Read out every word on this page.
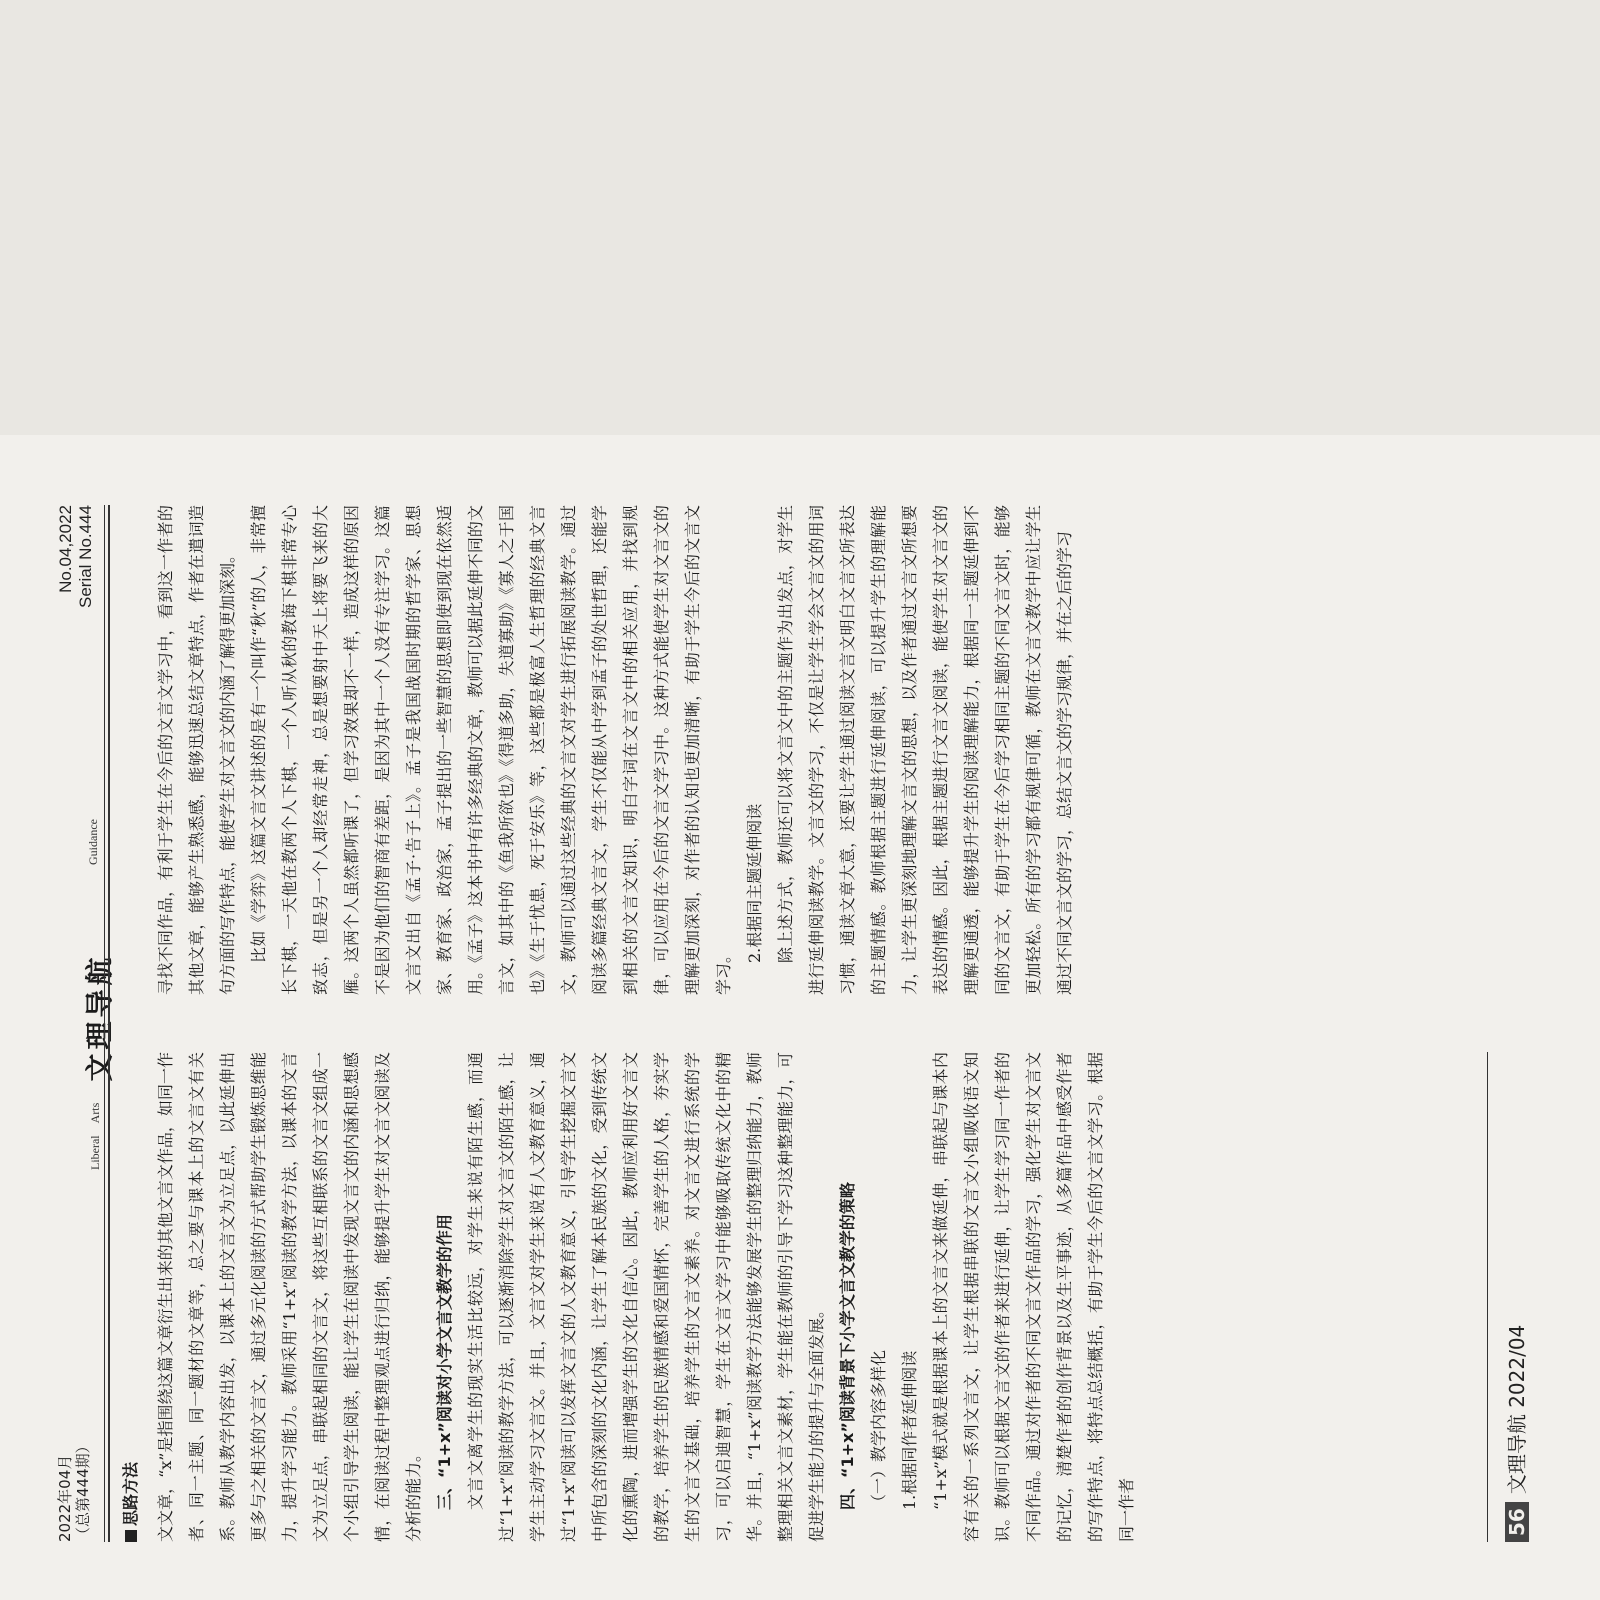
2022年04月 （总第444期）
No.04,2022 Serial No.444
文理导航
Liberal　Arts
Guidance
思路方法	文文章，“x”是指围绕这篇文章衍生出来的其他文言文作品，如同一作者、同一主题、同一题材的文章等，总之要与课本上的文言文有关系。教师从教学内容出发，以课本上的文言文为立足点，以此延伸出更多与之相关的文言文，通过多元化阅读的方式帮助学生锻炼思维能力，提升学习能力。教师采用“1+x”阅读的教学方法，以课本的文言文为立足点，串联起相同的文言文，将这些互相联系的文言文组成一个小组引导学生阅读，能让学生在阅读中发现文言文的内涵和思想感情，在阅读过程中整理观点进行归纳，能够提升学生对文言文阅读及分析的能力。 三、“1+x”阅读对小学文言文教学的作用 文言文离学生的现实生活比较远，对学生来说有陌生感，而通过“1+x”阅读的教学方法，可以逐渐消除学生对文言文的陌生感，让学生主动学习文言文。并且，文言文对学生来说有人文教育意义，通过“1+x”阅读可以发挥文言文的人文教育意义，引导学生挖掘文言文中所包含的深刻的文化内涵，让学生了解本民族的文化，受到传统文化的熏陶，进而增强学生的文化自信心。因此，教师应利用好文言文的教学，培养学生的民族情感和爱国情怀，完善学生的人格，夯实学生的文言文基础，培养学生的文言文素养。对文言文进行系统的学习，可以启迪智慧，学生在文言文学习中能够吸取传统文化中的精华。并且，“1+x”阅读教学方法能够发展学生的整理归纳能力，教师整理相关文言文素材，学生能在教师的引导下学习这种整理能力，可促进学生能力的提升与全面发展。 四、“1+x”阅读背景下小学文言文教学的策略 （一）教学内容多样化 1.根据同作者延伸阅读 “1+x”模式就是根据课本上的文言文来做延伸，串联起与课本内容有关的一系列文言文，让学生根据串联的文言文小组吸收语文知识。教师可以根据文言文的作者来进行延伸，让学生学习同一作者的不同作品。通过对作者的不同文言文作品的学习，强化学生对文言文的记忆，清楚作者的创作背景以及生平事迹，从多篇作品中感受作者的写作特点，将特点总结概括，有助于学生今后的文言文学习。根据同一作者

寻找不同作品，有利于学生在今后的文言文学习中，看到这一作者的其他文章，能够产生熟悉感，能够迅速总结文章特点，作者在遣词造句方面的写作特点，能使学生对文言文的内涵了解得更加深刻。 比如《学弈》这篇文言文讲述的是有一个叫作“秋”的人，非常擅长下棋，一天他在教两个人下棋，一个人听从秋的教诲下棋非常专心致志，但是另一个人却经常走神，总是想要射中天上将要飞来的大雁。这两个人虽然都听课了，但学习效果却不一样，造成这样的原因不是因为他们的智商有差距，是因为其中一个人没有专注学习。这篇文言文出自《孟子·告子上》。孟子是我国战国时期的哲学家、思想家、教育家、政治家，孟子提出的一些智慧的思想即使到现在依然适用。《孟子》这本书中有许多经典的文章，教师可以据此延伸不同的文言文，如其中的《鱼我所欲也》《得道多助，失道寡助》《寡人之于国也》《生于忧患，死于安乐》等，这些都是极富人生哲理的经典文言文，教师可以通过这些经典的文言文对学生进行拓展阅读教学。通过阅读多篇经典文言文，学生不仅能从中学到孟子的处世哲理，还能学到相关的文言文知识，明白字词在文言文中的相关应用，并找到规律，可以应用在今后的文言文学习中。这种方式能使学生对文言文的理解更加深刻，对作者的认知也更加清晰，有助于学生今后的文言文学习。

2.根据同主题延伸阅读 除上述方式，教师还可以将文言文中的主题作为出发点，对学生进行延伸阅读教学。文言文的学习，不仅是让学生学会文言文的用词习惯，通读文章大意，还要让学生通过阅读文言文明白文言文所表达的主题情感。教师根据主题进行延伸阅读，可以提升学生的理解能力，让学生更深刻地理解文言文的思想，以及作者通过文言文所想要表达的情感。因此，根据主题进行文言文阅读，能使学生对文言文的理解更通透，能够提升学生的阅读理解能力，根据同一主题延伸到不同的文言文，有助于学生在今后学习相同主题的不同文言文时，能够更加轻松。所有的学习都有规律可循，教师在文言文教学中应让学生通过不同文言文的学习，总结文言文的学习规律，并在之后的学习

56文理导航 2022/04
